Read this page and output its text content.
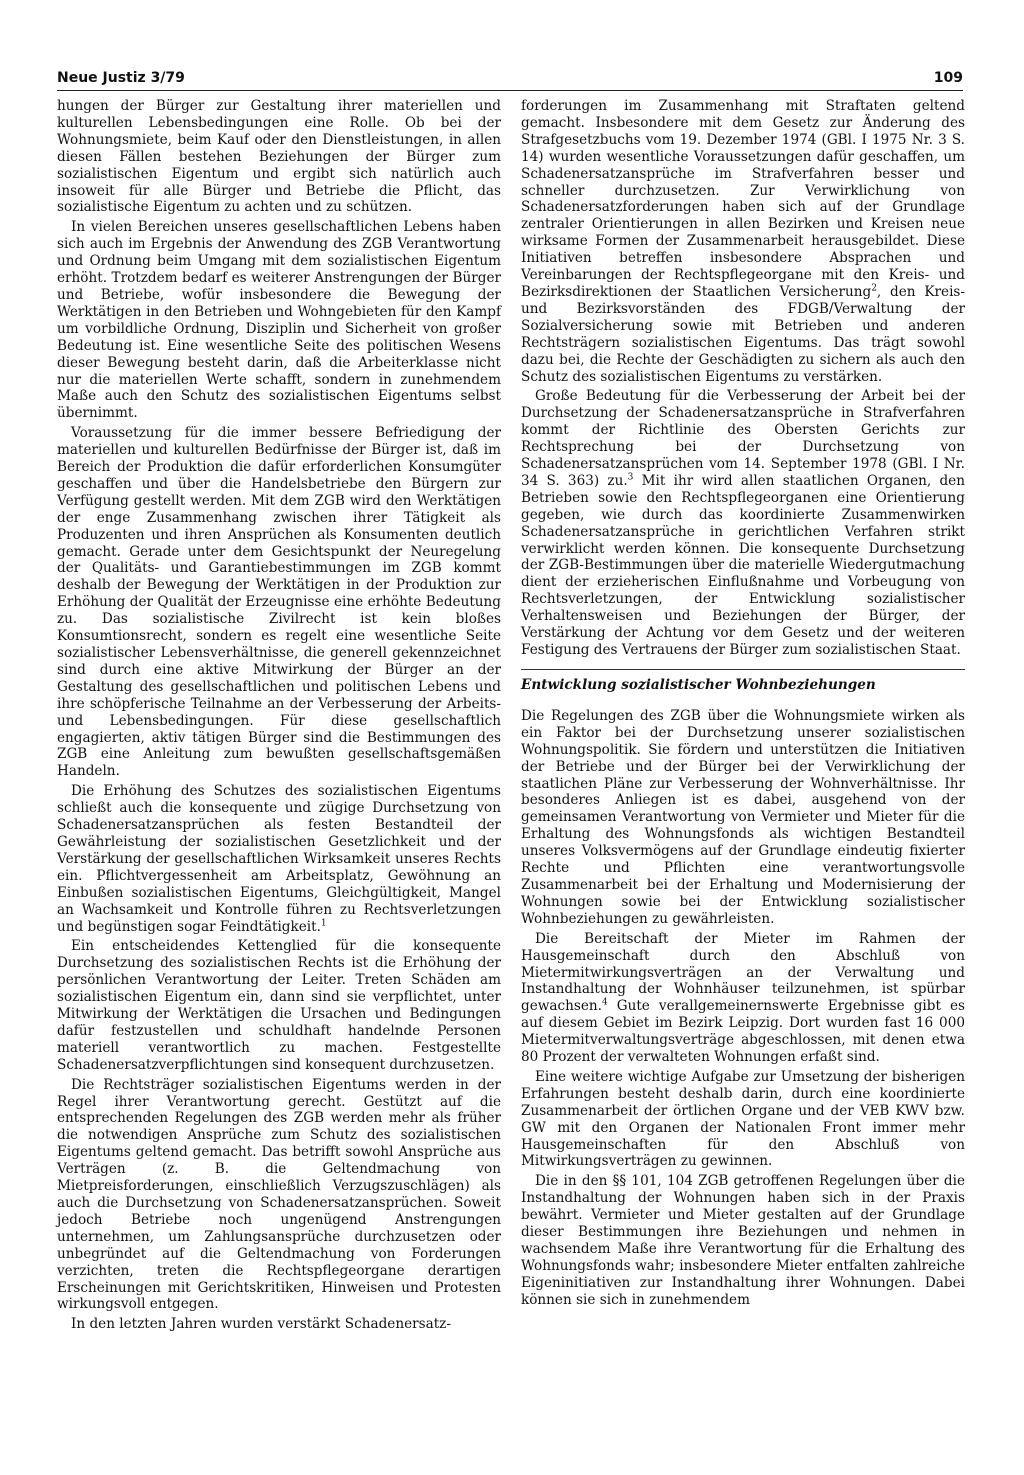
Neue Justiz 3/79	109

hungen der Bürger zur Gestaltung ihrer materiellen und kulturellen Lebensbedingungen eine Rolle. Ob bei der Wohnungsmiete, beim Kauf oder den Dienstleistungen, in allen diesen Fällen bestehen Beziehungen der Bürger zum sozialistischen Eigentum und ergibt sich natürlich auch insoweit für alle Bürger und Betriebe die Pflicht, das sozialistische Eigentum zu achten und zu schützen.

In vielen Bereichen unseres gesellschaftlichen Lebens haben sich auch im Ergebnis der Anwendung des ZGB Verantwortung und Ordnung beim Umgang mit dem sozialistischen Eigentum erhöht. Trotzdem bedarf es weiterer Anstrengungen der Bürger und Betriebe, wofür insbesondere die Bewegung der Werktätigen in den Betrieben und Wohngebieten für den Kampf um vorbildliche Ordnung, Disziplin und Sicherheit von großer Bedeutung ist. Eine wesentliche Seite des politischen Wesens dieser Bewegung besteht darin, daß die Arbeiterklasse nicht nur die materiellen Werte schafft, sondern in zunehmendem Maße auch den Schutz des sozialistischen Eigentums selbst übernimmt.

Voraussetzung für die immer bessere Befriedigung der materiellen und kulturellen Bedürfnisse der Bürger ist, daß im Bereich der Produktion die dafür erforderlichen Konsumgüter geschaffen und über die Handelsbetriebe den Bürgern zur Verfügung gestellt werden. Mit dem ZGB wird den Werktätigen der enge Zusammenhang zwischen ihrer Tätigkeit als Produzenten und ihren Ansprüchen als Konsumenten deutlich gemacht. Gerade unter dem Gesichtspunkt der Neuregelung der Qualitäts- und Garantiebestimmungen im ZGB kommt deshalb der Bewegung der Werktätigen in der Produktion zur Erhöhung der Qualität der Erzeugnisse eine erhöhte Bedeutung zu. Das sozialistische Zivilrecht ist kein bloßes Konsumtionsrecht, sondern es regelt eine wesentliche Seite sozialistischer Lebensverhältnisse, die generell gekennzeichnet sind durch eine aktive Mitwirkung der Bürger an der Gestaltung des gesellschaftlichen und politischen Lebens und ihre schöpferische Teilnahme an der Verbesserung der Arbeits- und Lebensbedingungen. Für diese gesellschaftlich engagierten, aktiv tätigen Bürger sind die Bestimmungen des ZGB eine Anleitung zum bewußten gesellschaftsgemäßen Handeln.

Die Erhöhung des Schutzes des sozialistischen Eigentums schließt auch die konsequente und zügige Durchsetzung von Schadenersatzansprüchen als festen Bestandteil der Gewährleistung der sozialistischen Gesetzlichkeit und der Verstärkung der gesellschaftlichen Wirksamkeit unseres Rechts ein. Pflichtvergessenheit am Arbeitsplatz, Gewöhnung an Einbußen sozialistischen Eigentums, Gleichgültigkeit, Mangel an Wachsamkeit und Kontrolle führen zu Rechtsverletzungen und begünstigen sogar Feindtätigkeit.$^1$

Ein entscheidendes Kettenglied für die konsequente Durchsetzung des sozialistischen Rechts ist die Erhöhung der persönlichen Verantwortung der Leiter. Treten Schäden am sozialistischen Eigentum ein, dann sind sie verpflichtet, unter Mitwirkung der Werktätigen die Ursachen und Bedingungen dafür festzustellen und schuldhaft handelnde Personen materiell verantwortlich zu machen. Festgestellte Schadenersatzverpflichtungen sind konsequent durchzusetzen.

Die Rechtsträger sozialistischen Eigentums werden in der Regel ihrer Verantwortung gerecht. Gestützt auf die entsprechenden Regelungen des ZGB werden mehr als früher die notwendigen Ansprüche zum Schutz des sozialistischen Eigentums geltend gemacht. Das betrifft sowohl Ansprüche aus Verträgen (z. B. die Geltendmachung von Mietpreisforderungen, einschließlich Verzugszuschlägen) als auch die Durchsetzung von Schadenersatzansprüchen. Soweit jedoch Betriebe noch ungenügend Anstrengungen unternehmen, um Zahlungsansprüche durchzusetzen oder unbegründet auf die Geltendmachung von Forderungen verzichten, treten die Rechtspflegeorgane derartigen Erscheinungen mit Gerichtskritiken, Hinweisen und Protesten wirkungsvoll entgegen.

In den letzten Jahren wurden verstärkt Schadenersatz-

forderungen im Zusammenhang mit Straftaten geltend gemacht. Insbesondere mit dem Gesetz zur Änderung des Strafgesetzbuchs vom 19. Dezember 1974 (GBl. I 1975 Nr. 3 S. 14) wurden wesentliche Voraussetzungen dafür geschaffen, um Schadenersatzansprüche im Strafverfahren besser und schneller durchzusetzen. Zur Verwirklichung von Schadenersatzforderungen haben sich auf der Grundlage zentraler Orientierungen in allen Bezirken und Kreisen neue wirksame Formen der Zusammenarbeit herausgebildet. Diese Initiativen betreffen insbesondere Absprachen und Vereinbarungen der Rechtspflegeorgane mit den Kreis- und Bezirksdirektionen der Staatlichen Versicherung$^2$, den Kreis- und Bezirksvorständen des FDGB/Verwaltung der Sozialversicherung sowie mit Betrieben und anderen Rechtsträgern sozialistischen Eigentums. Das trägt sowohl dazu bei, die Rechte der Geschädigten zu sichern als auch den Schutz des sozialistischen Eigentums zu verstärken.

Große Bedeutung für die Verbesserung der Arbeit bei der Durchsetzung der Schadenersatzansprüche in Strafverfahren kommt der Richtlinie des Obersten Gerichts zur Rechtsprechung bei der Durchsetzung von Schadenersatzansprüchen vom 14. September 1978 (GBl. I Nr. 34 S. 363) zu.$^3$ Mit ihr wird allen staatlichen Organen, den Betrieben sowie den Rechtspflegeorganen eine Orientierung gegeben, wie durch das koordinierte Zusammenwirken Schadenersatzansprüche in gerichtlichen Verfahren strikt verwirklicht werden können. Die konsequente Durchsetzung der ZGB-Bestimmungen über die materielle Wiedergutmachung dient der erzieherischen Einflußnahme und Vorbeugung von Rechtsverletzungen, der Entwicklung sozialistischer Verhaltensweisen und Beziehungen der Bürger, der Verstärkung der Achtung vor dem Gesetz und der weiteren Festigung des Vertrauens der Bürger zum sozialistischen Staat.

Entwicklung sozialistischer Wohnbeziehungen

Die Regelungen des ZGB über die Wohnungsmiete wirken als ein Faktor bei der Durchsetzung unserer sozialistischen Wohnungspolitik. Sie fördern und unterstützen die Initiativen der Betriebe und der Bürger bei der Verwirklichung der staatlichen Pläne zur Verbesserung der Wohnverhältnisse. Ihr besonderes Anliegen ist es dabei, ausgehend von der gemeinsamen Verantwortung von Vermieter und Mieter für die Erhaltung des Wohnungsfonds als wichtigen Bestandteil unseres Volksvermögens auf der Grundlage eindeutig fixierter Rechte und Pflichten eine verantwortungsvolle Zusammenarbeit bei der Erhaltung und Modernisierung der Wohnungen sowie bei der Entwicklung sozialistischer Wohnbeziehungen zu gewährleisten.

Die Bereitschaft der Mieter im Rahmen der Hausgemeinschaft durch den Abschluß von Mietermitwirkungsverträgen an der Verwaltung und Instandhaltung der Wohnhäuser teilzunehmen, ist spürbar gewachsen.$^4$ Gute verallgemeinernswerte Ergebnisse gibt es auf diesem Gebiet im Bezirk Leipzig. Dort wurden fast 16 000 Mietermitverwaltungsverträge abgeschlossen, mit denen etwa 80 Prozent der verwalteten Wohnungen erfaßt sind.

Eine weitere wichtige Aufgabe zur Umsetzung der bisherigen Erfahrungen besteht deshalb darin, durch eine koordinierte Zusammenarbeit der örtlichen Organe und der VEB KWV bzw. GW mit den Organen der Nationalen Front immer mehr Hausgemeinschaften für den Abschluß von Mitwirkungsverträgen zu gewinnen.

Die in den §§ 101, 104 ZGB getroffenen Regelungen über die Instandhaltung der Wohnungen haben sich in der Praxis bewährt. Vermieter und Mieter gestalten auf der Grundlage dieser Bestimmungen ihre Beziehungen und nehmen in wachsendem Maße ihre Verantwortung für die Erhaltung des Wohnungsfonds wahr; insbesondere Mieter entfalten zahlreiche Eigeninitiativen zur Instandhaltung ihrer Wohnungen. Dabei können sie sich in zunehmendem
